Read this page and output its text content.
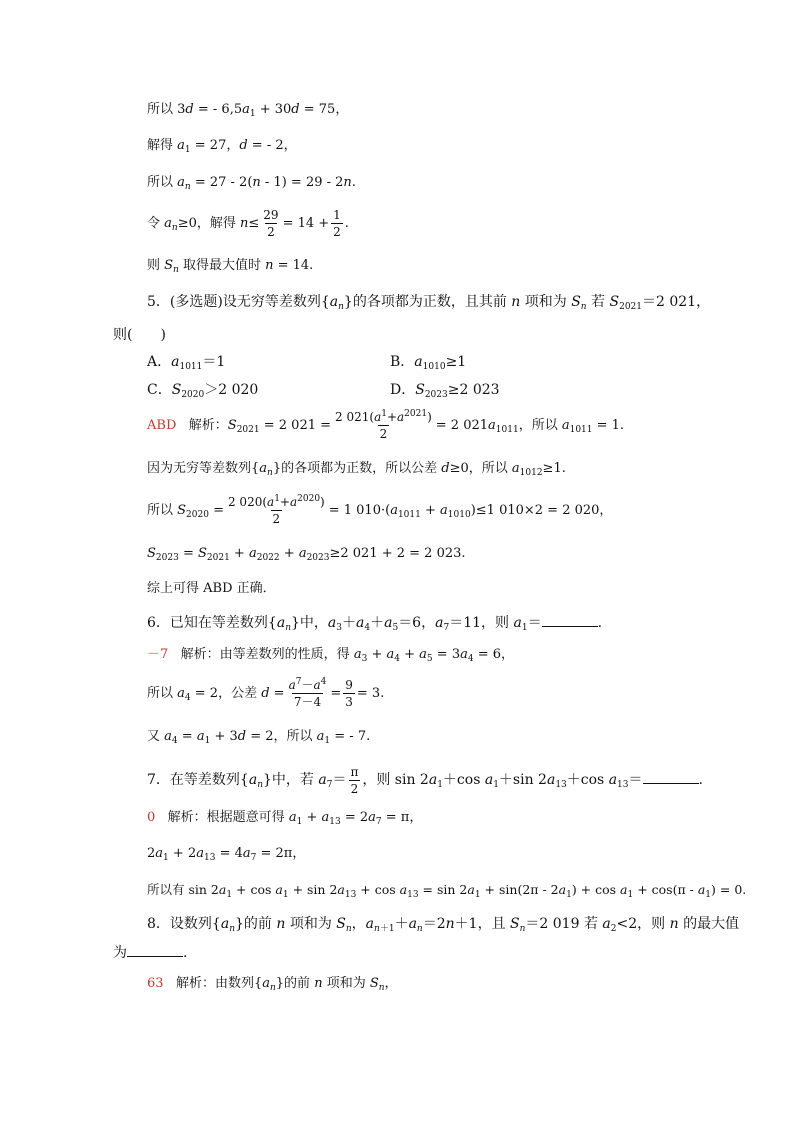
所以 3d = - $6,5a_1 + 30d = 75$，
解得 $a_1 = 27$，d = - 2，
所以 $a_n = 27 - 2(n - 1) = 29 - 2n$.
令 $a_n\ge 0$，解得 $n\le \frac{29}{2} = 14 + \frac{1}{2}$ .
则 $S_n$ 取得最大值时 n = 14.
5．(多选题)设无穷等差数列$\{a_n\}$的各项都为正数，且其前 n 项和为 $S_n$ 若 $S_{2021}=2$ 021，
则(　　)
A．$a_{1011}=1$	B．$a_{1010}\ge 1$
C．$S_{2020}>2$ 020	D．$S_{2023}\ge 2$ 023
ABD 解析：$S_{2021} = 2$ $021 = \frac{2 021(a^1+a^{2021})}{2} = 2$ $021a_{1011}$，所以 $a_{1011} = 1$.
因为无穷等差数列$\{a_n\}$的各项都为正数，所以公差 d≥0，所以 $a_{1012}\ge 1$.
所以 $S_{2020} = \frac{2 020(a^1+a^{2020})}{2} = 1$ $010\cdot(a_{1011} + a_{1010})\le 1$ 010×2 = 2 020，
$S_{2023} = S_{2021} + a_{2022} + a_{2023}\ge 2$ 021 + 2 = 2 023.
综上可得 ABD 正确．
6．已知在等差数列$\{a_n\}$中，$a_3+a_4+a_5=6$，$a_7=11$，则 $a_1=$	.
－7   解析：由等差数列的性质，得 $a_3 + a_4 + a_5 = 3a_4 = 6$，
所以 $a_4 = 2$，公差 $d = \frac{a^7-a^4}{7-4} = \frac{9}{3} = 3$.
又 $a_4 = a_1 + 3d = 2$，所以 $a_1$ = - 7.
7．在等差数列$\{a_n\}$中，若 $a_7= \frac{\pi}{2}$ ，则 $\sin 2a_1+\cos$ $a_1+\sin$ $2a_{13}+\cos$ $a_{13}=$	.
0   解析：根据题意可得 $a_1 + a_{13} = 2a_7 = \pi$，
$2a_1 + 2a_{13} = 4a_7 = 2\pi$，
所以有 $\sin 2a_1 + \cos a_1 + \sin 2a_{13} + \cos a_{13} = \sin 2a_1 + \sin(2\pi - 2a_1) + \cos a_1 + \cos(\pi - a_1) = 0$.
8．设数列$\{a_n\}$的前 n 项和为 $S_n$，$a_{n+1}+a_n=2n+1$，且 $S_n=2$ 019 若 $a_2<2$，则 n 的最大值
为	.
63   解析：由数列$\{a_n\}$的前 n 项和为 $S_n$，
